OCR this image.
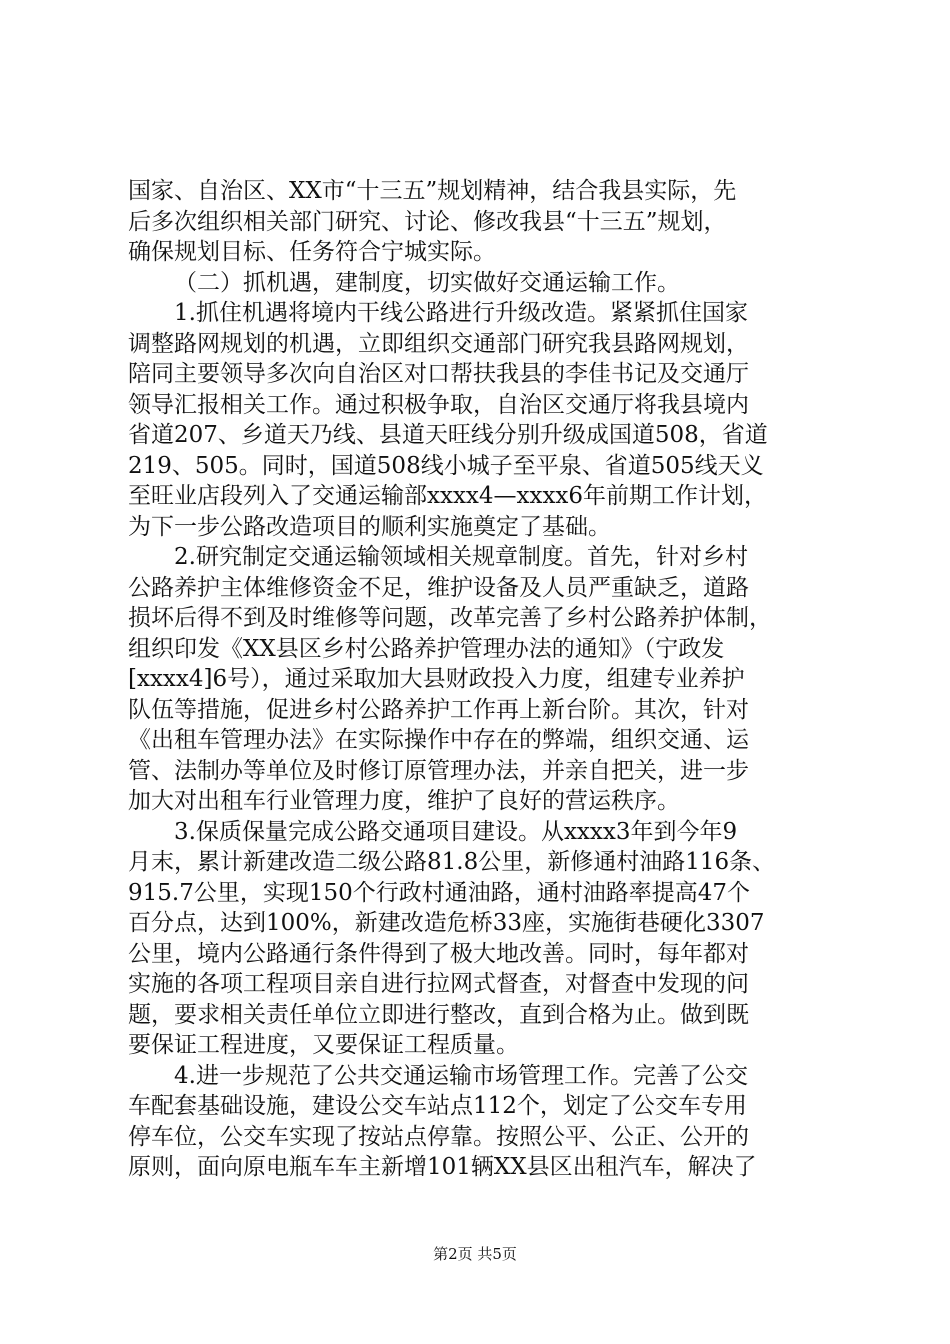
国家、自治区、XX市“十三五”规划精神，结合我县实际，先
后多次组织相关部门研究、讨论、修改我县“十三五”规划，
确保规划目标、任务符合宁城实际。
（二）抓机遇，建制度，切实做好交通运输工作。
1.抓住机遇将境内干线公路进行升级改造。紧紧抓住国家
调整路网规划的机遇，立即组织交通部门研究我县路网规划，
陪同主要领导多次向自治区对口帮扶我县的李佳书记及交通厅
领导汇报相关工作。通过积极争取，自治区交通厅将我县境内
省道207、乡道天乃线、县道天旺线分别升级成国道508，省道
219、505。同时，国道508线小城子至平泉、省道505线天义
至旺业店段列入了交通运输部xxxx4—xxxx6年前期工作计划，
为下一步公路改造项目的顺利实施奠定了基础。
2.研究制定交通运输领域相关规章制度。首先，针对乡村
公路养护主体维修资金不足，维护设备及人员严重缺乏，道路
损坏后得不到及时维修等问题，改革完善了乡村公路养护体制，
组织印发《XX县区乡村公路养护管理办法的通知》（宁政发
[xxxx4]6号），通过采取加大县财政投入力度，组建专业养护
队伍等措施，促进乡村公路养护工作再上新台阶。其次，针对
《出租车管理办法》在实际操作中存在的弊端，组织交通、运
管、法制办等单位及时修订原管理办法，并亲自把关，进一步
加大对出租车行业管理力度，维护了良好的营运秩序。
3.保质保量完成公路交通项目建设。从xxxx3年到今年9
月末，累计新建改造二级公路81.8公里，新修通村油路116条、
915.7公里，实现150个行政村通油路，通村油路率提高47个
百分点，达到100%，新建改造危桥33座，实施街巷硬化3307
公里，境内公路通行条件得到了极大地改善。同时，每年都对
实施的各项工程项目亲自进行拉网式督查，对督查中发现的问
题，要求相关责任单位立即进行整改，直到合格为止。做到既
要保证工程进度，又要保证工程质量。
4.进一步规范了公共交通运输市场管理工作。完善了公交
车配套基础设施，建设公交车站点112个，划定了公交车专用
停车位，公交车实现了按站点停靠。按照公平、公正、公开的
原则，面向原电瓶车车主新增101辆XX县区出租汽车，解决了
第2页 共5页
